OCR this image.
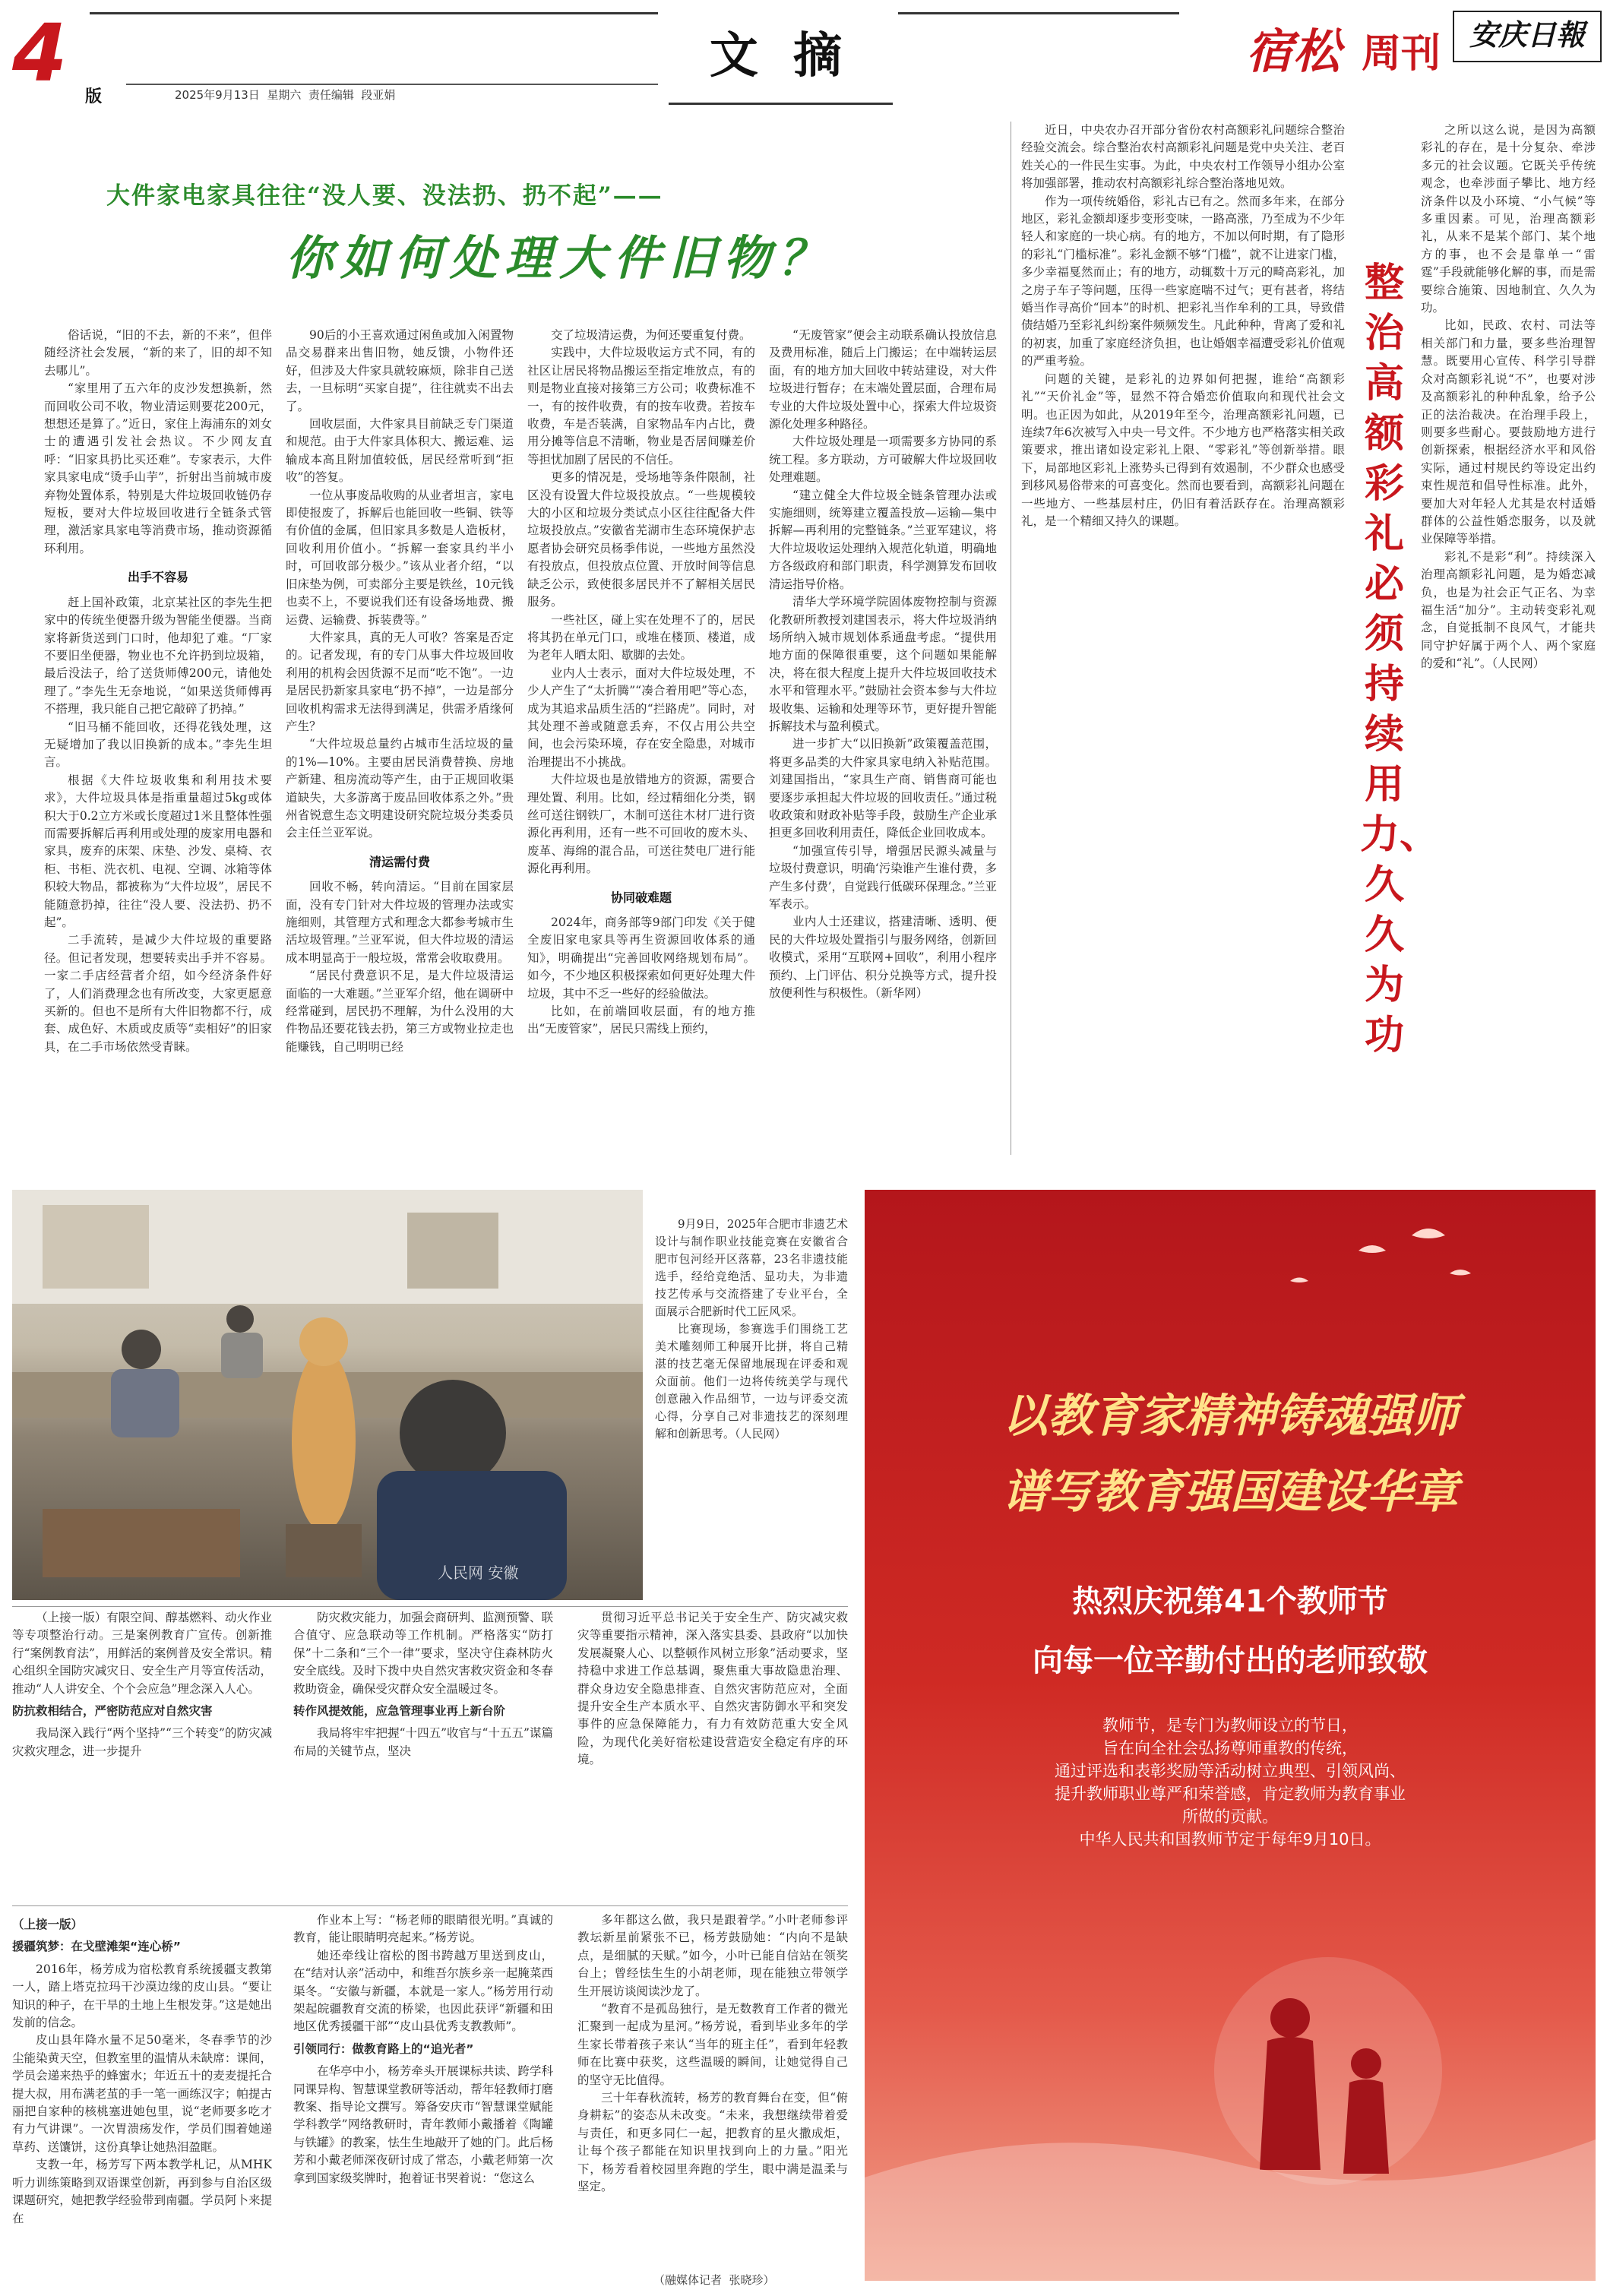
4 版	2025年9月13日  星期六  责任编辑  段亚娟
文 摘	宿松 周刊 安庆日報
大件家电家具往往“没人要、没法扔、扔不起”——
你如何处理大件旧物？

俗话说，“旧的不去，新的不来”，但伴随经济社会发展，“新的来了，旧的却不知去哪儿”。

“家里用了五六年的皮沙发想换新，然而回收公司不收，物业清运则要花200元，想想还是算了。”近日，家住上海浦东的刘女士的遭遇引发社会热议。不少网友直呼：“旧家具扔比买还难”。专家表示，大件家具家电成“烫手山芋”，折射出当前城市废弃物处置体系，特别是大件垃圾回收链仍存短板，要对大件垃圾回收进行全链条式管理，激活家具家电等消费市场，推动资源循环利用。

出手不容易

赶上国补政策，北京某社区的李先生把家中的传统坐便器升级为智能坐便器。当商家将新货送到门口时，他却犯了难。“厂家不要旧坐便器，物业也不允许扔到垃圾箱，最后没法子，给了送货师傅200元，请他处理了。”李先生无奈地说，“如果送货师傅再不搭理，我只能自己把它敲碎了扔掉。”

“旧马桶不能回收，还得花钱处理，这无疑增加了我以旧换新的成本。”李先生坦言。

根据《大件垃圾收集和利用技术要求》，大件垃圾具体是指重量超过5kg或体积大于0.2立方米或长度超过1米且整体性强而需要拆解后再利用或处理的废家用电器和家具，废弃的床架、床垫、沙发、桌椅、衣柜、书柜、洗衣机、电视、空调、冰箱等体积较大物品，都被称为“大件垃圾”，居民不能随意扔掉，往往“没人要、没法扔、扔不起”。

二手流转，是减少大件垃圾的重要路径。但记者发现，想要转卖出手并不容易。一家二手店经营者介绍，如今经济条件好了，人们消费理念也有所改变，大家更愿意买新的。但也不是所有大件旧物都不行，成套、成色好、木质或皮质等“卖相好”的旧家具，在二手市场依然受青睐。

90后的小王喜欢通过闲鱼或加入闲置物品交易群来出售旧物，她反馈，小物件还好，但涉及大件家具就较麻烦，除非自己送去，一旦标明“买家自提”，往往就卖不出去了。

回收层面，大件家具目前缺乏专门渠道和规范。由于大件家具体积大、搬运难、运输成本高且附加值较低，居民经常听到“拒收”的答复。

一位从事废品收购的从业者坦言，家电即使报废了，拆解后也能回收一些铜、铁等有价值的金属，但旧家具多数是人造板材，回收利用价值小。“拆解一套家具约半小时，可回收部分极少。”该从业者介绍，“以旧床垫为例，可卖部分主要是铁丝，10元钱也卖不上，不要说我们还有设备场地费、搬运费、运输费、拆装费等。”

大件家具，真的无人可收？答案是否定的。记者发现，有的专门从事大件垃圾回收利用的机构会因货源不足而“吃不饱”。一边是居民扔新家具家电“扔不掉”，一边是部分回收机构需求无法得到满足，供需矛盾缘何产生？

“大件垃圾总量约占城市生活垃圾的量的1%—10%。主要由居民消费替换、房地产新建、租房流动等产生，由于正规回收渠道缺失，大多游离于废品回收体系之外。”贵州省锐意生态文明建设研究院垃圾分类委员会主任兰亚军说。

清运需付费

回收不畅，转向清运。“目前在国家层面，没有专门针对大件垃圾的管理办法或实施细则，其管理方式和理念大都参考城市生活垃圾管理。”兰亚军说，但大件垃圾的清运成本明显高于一般垃圾，常常会收取费用。

“居民付费意识不足，是大件垃圾清运面临的一大难题。”兰亚军介绍，他在调研中经常碰到，居民扔不理解，为什么没用的大件物品还要花钱去扔，第三方或物业拉走也能赚钱，自己明明已经

交了垃圾清运费，为何还要重复付费。

实践中，大件垃圾收运方式不同，有的社区让居民将物品搬运至指定堆放点，有的则是物业直接对接第三方公司；收费标准不一，有的按件收费，有的按车收费。若按车收费，车是否装满，自家物品车内占比，费用分摊等信息不清晰，物业是否居间赚差价等担忧加剧了居民的不信任。

更多的情况是，受场地等条件限制，社区没有设置大件垃圾投放点。“一些规模较大的小区和垃圾分类试点小区往往配备大件垃圾投放点。”安徽省芜湖市生态环境保护志愿者协会研究员杨季伟说，一些地方虽然没有投放点，但投放点位置、开放时间等信息缺乏公示，致使很多居民并不了解相关居民服务。

一些社区，碰上实在处理不了的，居民将其扔在单元门口，或堆在楼顶、楼道，成为老年人晒太阳、歇脚的去处。

业内人士表示，面对大件垃圾处理，不少人产生了“太折腾”“凑合着用吧”等心态，成为其追求品质生活的“拦路虎”。同时，对其处理不善或随意丢弃，不仅占用公共空间，也会污染环境，存在安全隐患，对城市治理提出不小挑战。

大件垃圾也是放错地方的资源，需要合理处置、利用。比如，经过精细化分类，钢丝可送往钢铁厂，木制可送往木材厂进行资源化再利用，还有一些不可回收的废木头、废革、海绵的混合品，可送往焚电厂进行能源化再利用。

协同破难题

2024年，商务部等9部门印发《关于健全废旧家电家具等再生资源回收体系的通知》，明确提出“完善回收网络规划布局”。如今，不少地区积极探索如何更好处理大件垃圾，其中不乏一些好的经验做法。

比如，在前端回收层面，有的地方推出“无废管家”，居民只需线上预约，

“无废管家”便会主动联系确认投放信息及费用标准，随后上门搬运；在中端转运层面，有的地方加大回收中转站建设，对大件垃圾进行暂存；在末端处置层面，合理布局专业的大件垃圾处置中心，探索大件垃圾资源化处理多种路径。

大件垃圾处理是一项需要多方协同的系统工程。多方联动，方可破解大件垃圾回收处理难题。

“建立健全大件垃圾全链条管理办法或实施细则，统筹建立覆盖投放—运输—集中拆解—再利用的完整链条。”兰亚军建议，将大件垃圾收运处理纳入规范化轨道，明确地方各级政府和部门职责，科学测算发布回收清运指导价格。

清华大学环境学院固体废物控制与资源化教研所教授刘建国表示，将大件垃圾消纳场所纳入城市规划体系通盘考虑。“提供用地方面的保障很重要，这个问题如果能解决，将在很大程度上提升大件垃圾回收技术水平和管理水平。”鼓励社会资本参与大件垃圾收集、运输和处理等环节，更好提升智能拆解技术与盈利模式。

进一步扩大“以旧换新”政策覆盖范围，将更多品类的大件家具家电纳入补贴范围。刘建国指出，“家具生产商、销售商可能也要逐步承担起大件垃圾的回收责任。”通过税收政策和财政补贴等手段，鼓励生产企业承担更多回收利用责任，降低企业回收成本。

“加强宣传引导，增强居民源头减量与垃圾付费意识，明确‘污染谁产生谁付费，多产生多付费’，自觉践行低碳环保理念。”兰亚军表示。

业内人士还建议，搭建清晰、透明、便民的大件垃圾处置指引与服务网络，创新回收模式，采用“互联网+回收”，利用小程序预约、上门评估、积分兑换等方式，提升投放便利性与积极性。（新华网）

整治高额彩礼必须持续用力、久久为功

近日，中央农办召开部分省份农村高额彩礼问题综合整治经验交流会。综合整治农村高额彩礼问题是党中央关注、老百姓关心的一件民生实事。为此，中央农村工作领导小组办公室将加强部署，推动农村高额彩礼综合整治落地见效。

作为一项传统婚俗，彩礼古已有之。然而多年来，在部分地区，彩礼金额却逐步变形变味，一路高涨，乃至成为不少年轻人和家庭的一块心病。有的地方，不加以何时期，有了隐形的彩礼“门槛标准”。彩礼金额不够“门槛”，就不让进家门槛，多少幸福戛然而止；有的地方，动辄数十万元的畸高彩礼，加之房子车子等问题，压得一些家庭喘不过气；更有甚者，将结婚当作寻高价“回本”的时机、把彩礼当作牟利的工具，导致借债结婚乃至彩礼纠纷案件频频发生。凡此种种，背离了爱和礼的初衷，加重了家庭经济负担，也让婚姻幸福遭受彩礼价值观的严重考验。

问题的关键，是彩礼的边界如何把握，谁给“高额彩礼”“天价礼金”等，显然不符合婚恋价值取向和现代社会文明。也正因为如此，从2019年至今，治理高额彩礼问题，已连续7年6次被写入中央一号文件。不少地方也严格落实相关政策要求，推出诸如设定彩礼上限、“零彩礼”等创新举措。眼下，局部地区彩礼上涨势头已得到有效遏制，不少群众也感受到移风易俗带来的可喜变化。然而也要看到，高额彩礼问题在一些地方、一些基层村庄，仍旧有着活跃存在。治理高额彩礼，是一个精细又持久的课题。

之所以这么说，是因为高额彩礼的存在，是十分复杂、牵涉多元的社会议题。它既关乎传统观念，也牵涉面子攀比、地方经济条件以及小环境、“小气候”等多重因素。可见，治理高额彩礼，从来不是某个部门、某个地方的事，也不会是靠单一“雷霆”手段就能够化解的事，而是需要综合施策、因地制宜、久久为功。

比如，民政、农村、司法等相关部门和力量，要多些治理智慧。既要用心宣传、科学引导群众对高额彩礼说“不”，也要对涉及高额彩礼的种种乱象，给予公正的法治裁决。在治理手段上，则要多些耐心。要鼓励地方进行创新探索，根据经济水平和风俗实际，通过村规民约等设定出约束性规范和倡导性标准。此外，要加大对年轻人尤其是农村适婚群体的公益性婚恋服务，以及就业保障等举措。

彩礼不是彩“利”。持续深入治理高额彩礼问题，是为婚恋减负，也是为社会正气正名、为幸福生活“加分”。主动转变彩礼观念，自觉抵制不良风气，才能共同守护好属于两个人、两个家庭的爱和“礼”。（人民网）

人民网 安徽

9月9日，2025年合肥市非遗艺术设计与制作职业技能竞赛在安徽省合肥市包河经开区落幕，23名非遗技能选手，经给竞绝活、显功夫，为非遗技艺传承与交流搭建了专业平台，全面展示合肥新时代工匠风采。

比赛现场，参赛选手们围绕工艺美术雕刻师工种展开比拼，将自己精湛的技艺毫无保留地展现在评委和观众面前。他们一边将传统美学与现代创意融入作品细节，一边与评委交流心得，分享自己对非遗技艺的深刻理解和创新思考。（人民网）	以教育家精神铸魂强师
谱写教育强国建设华章
热烈庆祝第41个教师节
向每一位辛勤付出的老师致敬
教师节，是专门为教师设立的节日，
旨在向全社会弘扬尊师重教的传统，
通过评选和表彰奖励等活动树立典型、引领风尚、
提升教师职业尊严和荣誉感，肯定教师为教育事业
所做的贡献。
中华人民共和国教师节定于每年9月10日。

（上接一版）有限空间、醇基燃料、动火作业等专项整治行动。三是案例教育广宣传。创新推行“案例教育法”，用鲜活的案例普及安全常识。精心组织全国防灾减灾日、安全生产月等宣传活动，推动“人人讲安全、个个会应急”理念深入人心。

防抗救相结合，严密防范应对自然灾害

我局深入践行“两个坚持”“三个转变”的防灾减灾救灾理念，进一步提升

防灾救灾能力，加强会商研判、监测预警、联合值守、应急联动等工作机制。严格落实“防打保”十二条和“三个一律”要求，坚决守住森林防火安全底线。及时下拨中央自然灾害救灾资金和冬春救助资金，确保受灾群众安全温暖过冬。

转作风提效能，应急管理事业再上新台阶

我局将牢牢把握“十四五”收官与“十五五”谋篇布局的关键节点，坚决

贯彻习近平总书记关于安全生产、防灾减灾救灾等重要指示精神，深入落实县委、县政府“以加快发展凝聚人心、以整顿作风树立形象”活动要求，坚持稳中求进工作总基调，聚焦重大事故隐患治理、群众身边安全隐患排查、自然灾害防范应对，全面提升安全生产本质水平、自然灾害防御水平和突发事件的应急保障能力，有力有效防范重大安全风险，为现代化美好宿松建设营造安全稳定有序的环境。

（上接一版）
援疆筑梦：在戈壁滩架“连心桥”

2016年，杨芳成为宿松教育系统援疆支教第一人，踏上塔克拉玛干沙漠边缘的皮山县。“要让知识的种子，在干旱的土地上生根发芽。”这是她出发前的信念。

皮山县年降水量不足50毫米，冬春季节的沙尘能染黄天空，但教室里的温情从未缺席：课间，学员会递来热乎的蜂蜜水；年近五十的麦麦提托合提大叔，用布满老茧的手一笔一画练汉字；帕提古丽把自家种的核桃塞进她包里，说“老师要多吃才有力气讲课”。一次胃溃疡发作，学员们围着她递草药、送馕饼，这份真挚让她热泪盈眶。

支教一年，杨芳写下两本教学札记，从MHK听力训练策略到双语课堂创新，再到参与自治区级课题研究，她把教学经验带到南疆。学员阿卜来提在

作业本上写：“杨老师的眼睛很光明。”真诚的教育，能让眼睛明亮起来。”杨芳说。

她还牵线让宿松的图书跨越万里送到皮山，在“结对认亲”活动中，和维吾尔族乡亲一起腌菜西渠冬。“安徽与新疆，本就是一家人。”杨芳用行动架起皖疆教育交流的桥梁，也因此获评“新疆和田地区优秀援疆干部”“皮山县优秀支教教师”。

引领同行：做教育路上的“追光者”

在华亭中小，杨芳牵头开展课标共读、跨学科同课异构、智慧课堂教研等活动，帮年轻教师打磨教案、指导论文撰写。筹备安庆市“智慧课堂赋能学科教学”网络教研时，青年教师小戴播着《陶罐与铁罐》的教案，怯生生地敲开了她的门。此后杨芳和小戴老师深夜研讨成了常态，小戴老师第一次拿到国家级奖牌时，抱着证书哭着说：“您这么

多年都这么做，我只是跟着学。”小叶老师参评教坛新星前紧张不已，杨芳鼓励她：“内向不是缺点，是细腻的天赋。”如今，小叶已能自信站在领奖台上；曾经怯生生的小胡老师，现在能独立带领学生开展访谈阅读沙龙了。

“教育不是孤岛独行，是无数教育工作者的微光汇聚到一起成为星河。”杨芳说，看到毕业多年的学生家长带着孩子来认“当年的班主任”，看到年轻教师在比赛中获奖，这些温暖的瞬间，让她觉得自己的坚守无比值得。

三十年春秋流转，杨芳的教育舞台在变，但“俯身耕耘”的姿态从未改变。“未来，我想继续带着爱与责任，和更多同仁一起，把教育的星火撒成炬，让每个孩子都能在知识里找到向上的力量。”阳光下，杨芳看着校园里奔跑的学生，眼中满是温柔与坚定。

（融媒体记者  张晓珍）
